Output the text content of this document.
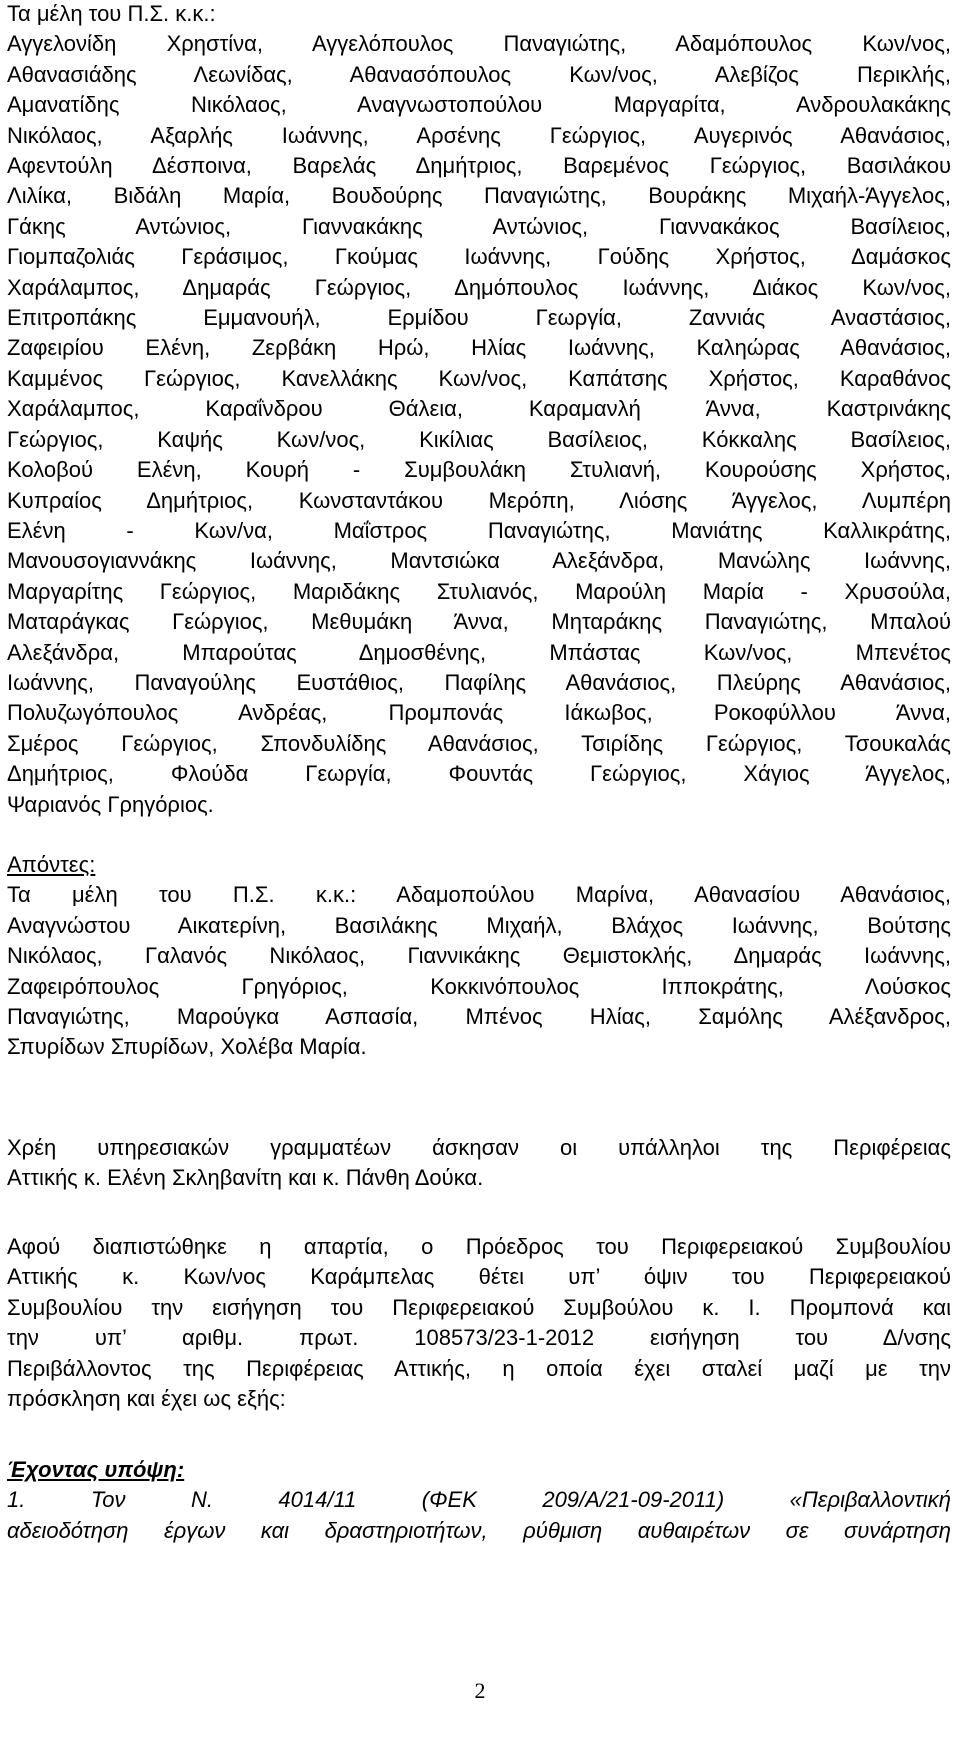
Τα μέλη του Π.Σ. κ.κ.:
Αγγελονίδη Χρηστίνα, Αγγελόπουλος Παναγιώτης, Αδαμόπουλος Κων/νος,
Αθανασιάδης Λεωνίδας, Αθανασόπουλος Κων/νος, Αλεβίζος Περικλής,
Αμανατίδης Νικόλαος, Αναγνωστοπούλου Μαργαρίτα, Ανδρουλακάκης
Νικόλαος, Αξαρλής Ιωάννης, Αρσένης Γεώργιος, Αυγερινός Αθανάσιος,
Αφεντούλη Δέσποινα, Βαρελάς Δημήτριος, Βαρεμένος Γεώργιος, Βασιλάκου
Λιλίκα, Βιδάλη Μαρία, Βουδούρης Παναγιώτης, Βουράκης Μιχαήλ-Άγγελος,
Γάκης Αντώνιος, Γιαννακάκης Αντώνιος, Γιαννακάκος Βασίλειος,
Γιομπαζολιάς Γεράσιμος, Γκούμας Ιωάννης, Γούδης Χρήστος, Δαμάσκος
Χαράλαμπος, Δημαράς Γεώργιος, Δημόπουλος Ιωάννης, Διάκος Κων/νος,
Επιτροπάκης Εμμανουήλ, Ερμίδου Γεωργία, Ζαννιάς Αναστάσιος,
Ζαφειρίου Ελένη, Ζερβάκη Ηρώ, Ηλίας Ιωάννης, Καληώρας Αθανάσιος,
Καμμένος Γεώργιος, Κανελλάκης Κων/νος, Καπάτσης Χρήστος, Καραθάνος
Χαράλαμπος, Καραΐνδρου Θάλεια, Καραμανλή Άννα, Καστρινάκης
Γεώργιος, Καψής Κων/νος, Κικίλιας Βασίλειος, Κόκκαλης Βασίλειος,
Κολοβού Ελένη, Κουρή - Συμβουλάκη Στυλιανή, Κουρούσης Χρήστος,
Κυπραίος Δημήτριος, Κωνσταντάκου Μερόπη, Λιόσης Άγγελος, Λυμπέρη
Ελένη - Κων/να, Μαΐστρος Παναγιώτης, Μανιάτης Καλλικράτης,
Μανουσογιαννάκης Ιωάννης, Μαντσιώκα Αλεξάνδρα, Μανώλης Ιωάννης,
Μαργαρίτης Γεώργιος, Μαριδάκης Στυλιανός, Μαρούλη Μαρία - Χρυσούλα,
Ματαράγκας Γεώργιος, Μεθυμάκη Άννα, Μηταράκης Παναγιώτης, Μπαλού
Αλεξάνδρα, Μπαρούτας Δημοσθένης, Μπάστας Κων/νος, Μπενέτος
Ιωάννης, Παναγούλης Ευστάθιος, Παφίλης Αθανάσιος, Πλεύρης Αθανάσιος,
Πολυζωγόπουλος Ανδρέας, Προμπονάς Ιάκωβος, Ροκοφύλλου Άννα,
Σμέρος Γεώργιος, Σπονδυλίδης Αθανάσιος, Τσιρίδης Γεώργιος, Τσουκαλάς
Δημήτριος, Φλούδα Γεωργία, Φουντάς Γεώργιος, Χάγιος Άγγελος,
Ψαριανός Γρηγόριος.
Απόντες:
Τα μέλη του Π.Σ. κ.κ.: Αδαμοπούλου Μαρίνα, Αθανασίου Αθανάσιος,
Αναγνώστου Αικατερίνη, Βασιλάκης Μιχαήλ, Βλάχος Ιωάννης, Βούτσης
Νικόλαος, Γαλανός Νικόλαος, Γιαννικάκης Θεμιστοκλής, Δημαράς Ιωάννης,
Ζαφειρόπουλος Γρηγόριος, Κοκκινόπουλος Ιπποκράτης, Λούσκος
Παναγιώτης, Μαρούγκα Ασπασία, Μπένος Ηλίας, Σαμόλης Αλέξανδρος,
Σπυρίδων Σπυρίδων, Χολέβα Μαρία.
Χρέη υπηρεσιακών γραμματέων άσκησαν οι υπάλληλοι της Περιφέρειας
Αττικής κ. Ελένη Σκληβανίτη και κ. Πάνθη Δούκα.
Αφού διαπιστώθηκε η απαρτία, ο Πρόεδρος του Περιφερειακού Συμβουλίου
Αττικής κ. Κων/νος Καράμπελας θέτει υπ’ όψιν του Περιφερειακού
Συμβουλίου την εισήγηση του Περιφερειακού Συμβούλου κ. Ι. Προμπονά και
την υπ’ αριθμ. πρωτ. 108573/23-1-2012 εισήγηση του Δ/νσης
Περιβάλλοντος της Περιφέρειας Αττικής, η οποία έχει σταλεί μαζί με την
πρόσκληση και έχει ως εξής:
Έχοντας υπόψη:
1. Τον Ν. 4014/11 (ΦΕΚ 209/Α/21-09-2011) «Περιβαλλοντική
αδειοδότηση έργων και δραστηριοτήτων, ρύθμιση αυθαιρέτων σε συνάρτηση
2
